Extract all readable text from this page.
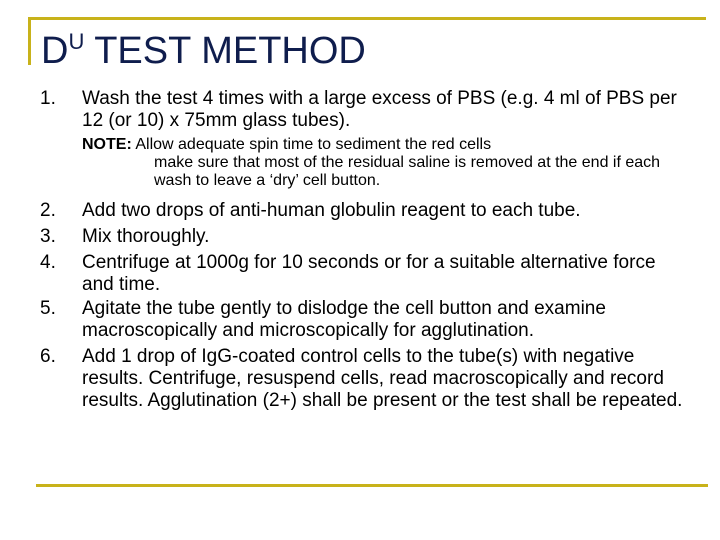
$D^U$ TEST METHOD
1.	Wash the test 4 times with a large excess of PBS (e.g. 4 ml of PBS per 12 (or 10) x 75mm glass tubes).
NOTE: Allow adequate spin time to sediment the red cells
make sure that most of the residual saline is removed at the end if each wash to leave a ‘dry’ cell button.
2.	Add two drops of anti-human globulin reagent to each tube.
3.	Mix thoroughly.
4.	Centrifuge at 1000g for 10 seconds or for a suitable alternative force and time.
5.	Agitate the tube gently to dislodge the cell button and examine macroscopically and microscopically for agglutination.
6.	Add 1 drop of IgG-coated control cells to the tube(s) with negative results. Centrifuge, resuspend cells, read macroscopically and record results. Agglutination (2+) shall be present or the test shall be repeated.
